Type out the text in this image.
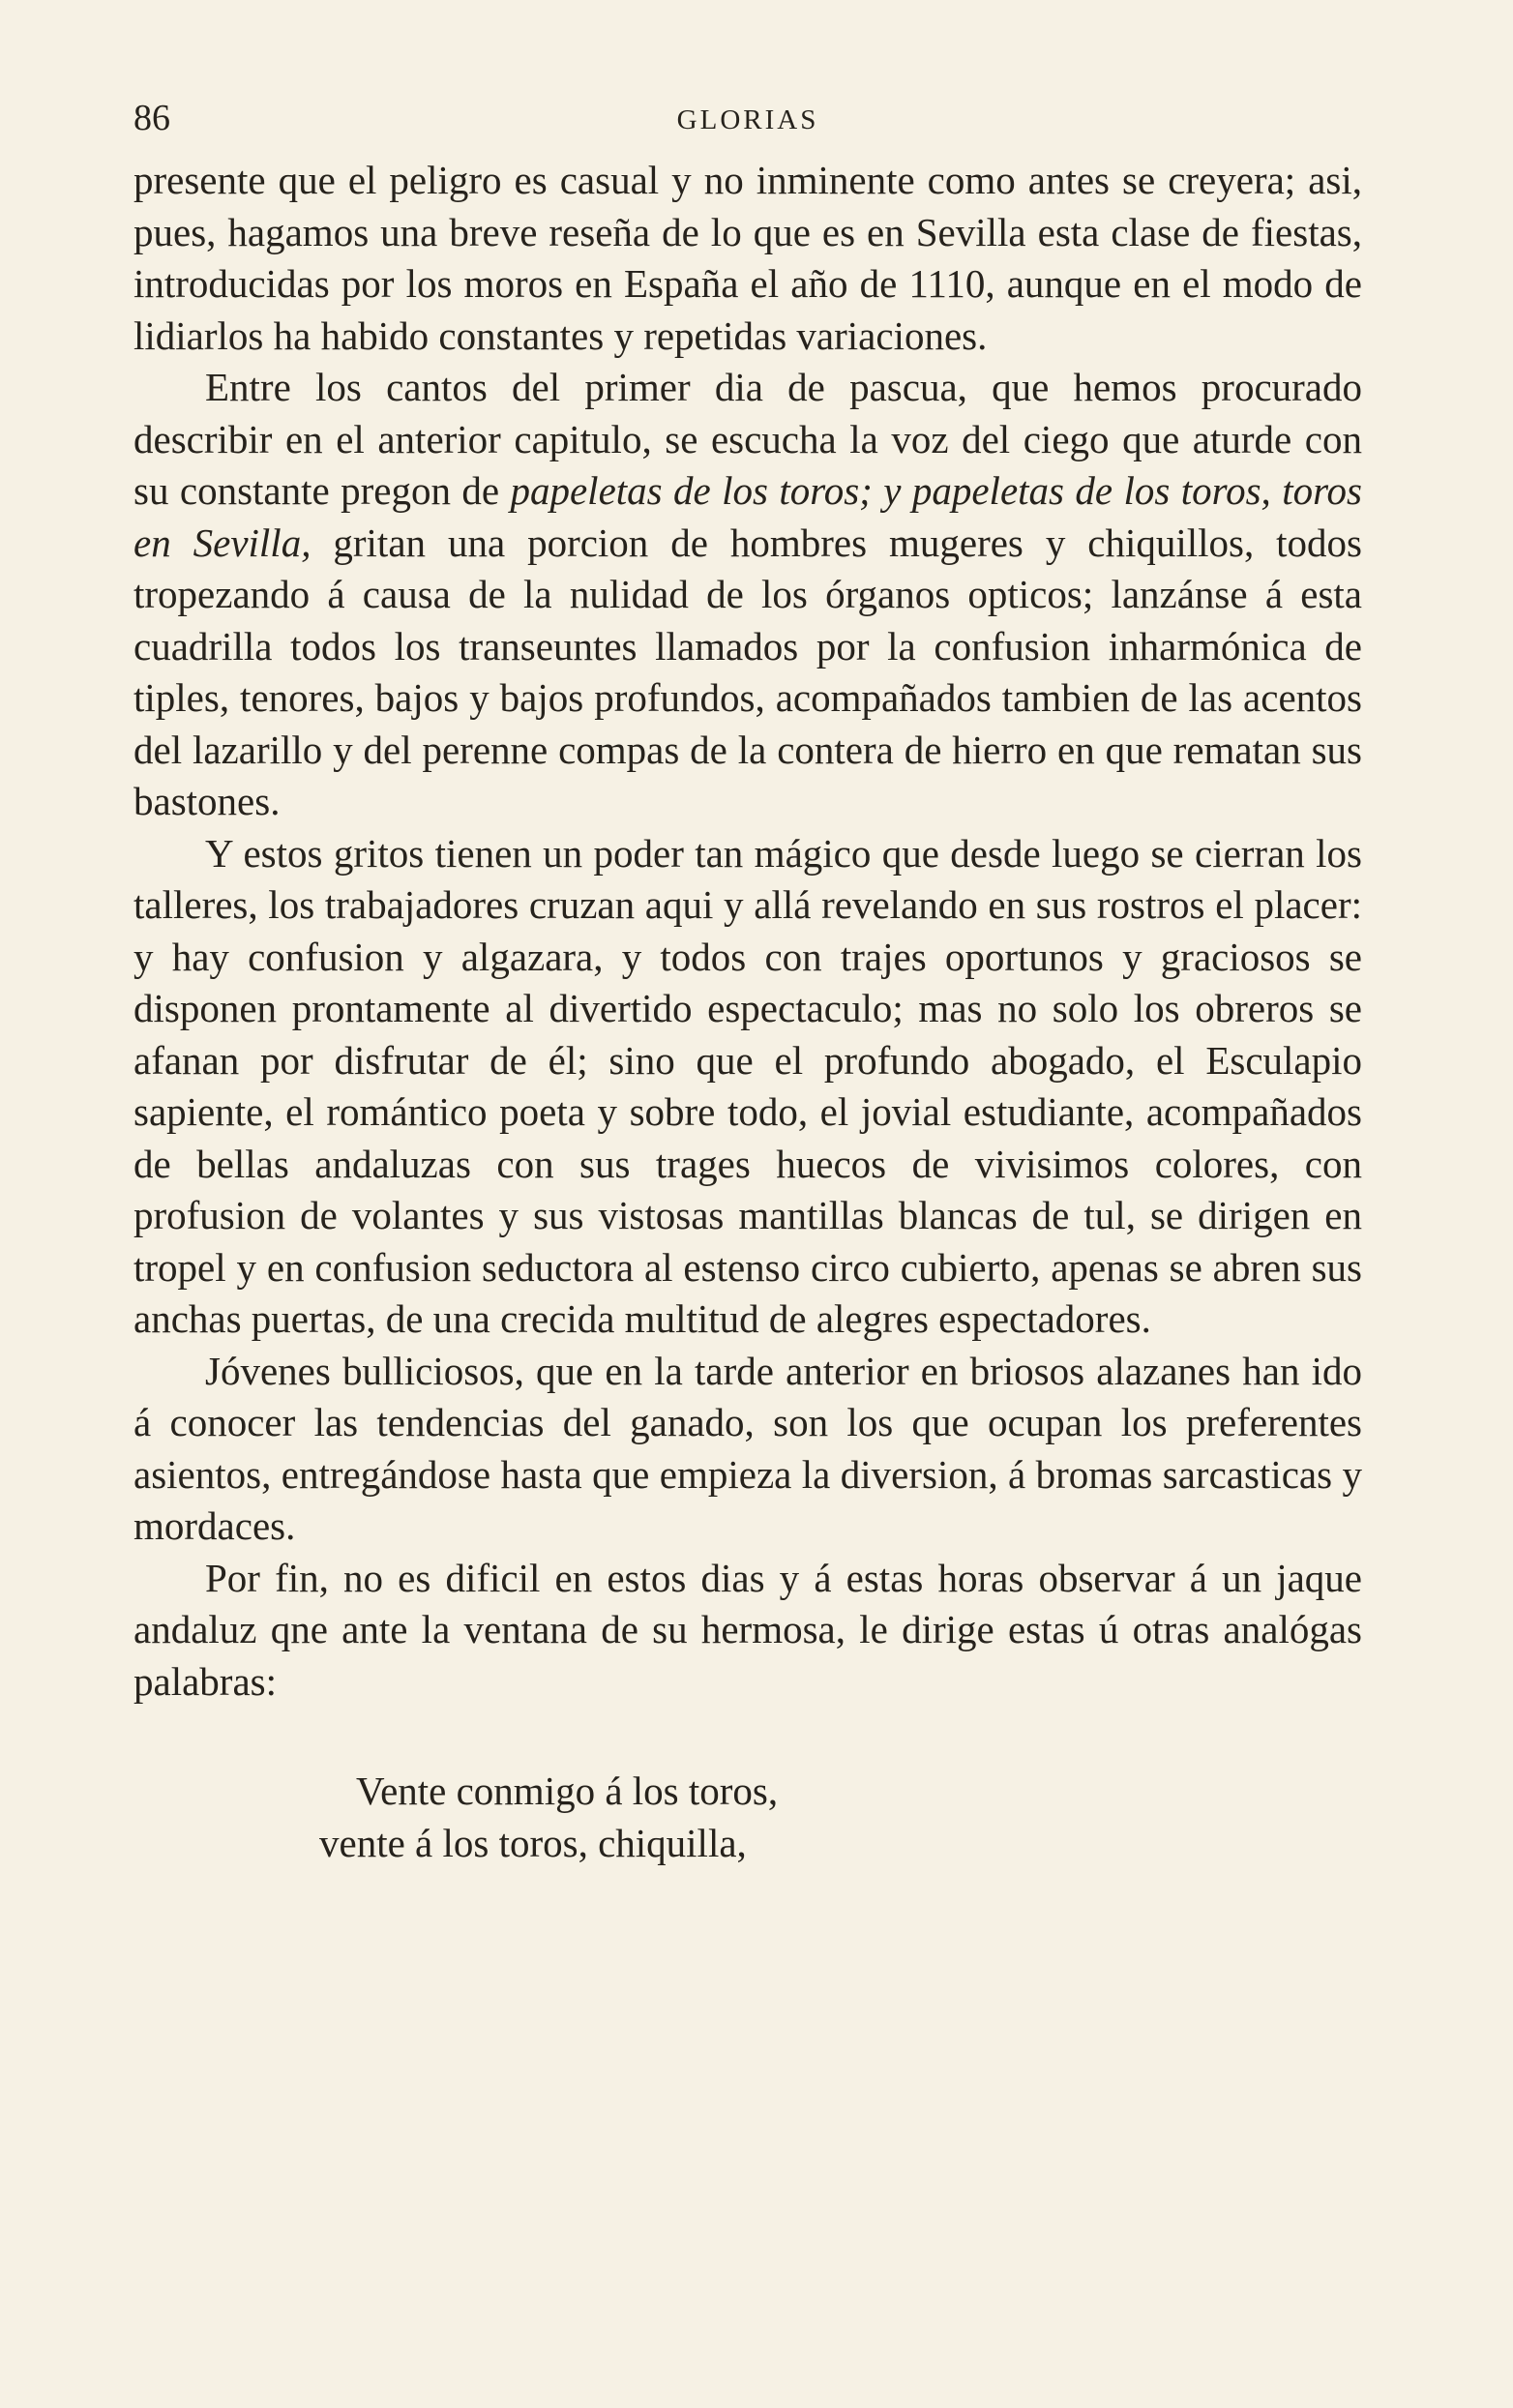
86	GLORIAS

presente que el peligro es casual y no inminente como antes se creyera; asi, pues, hagamos una breve reseña de lo que es en Sevilla esta clase de fiestas, introducidas por los moros en España el año de 1110, aunque en el modo de lidiarlos ha habido constantes y repetidas variaciones.

Entre los cantos del primer dia de pascua, que hemos procurado describir en el anterior capitulo, se escucha la voz del ciego que aturde con su constante pregon de papeletas de los toros; y papeletas de los toros, toros en Sevilla, gritan una porcion de hombres mugeres y chiquillos, todos tropezando á causa de la nulidad de los órganos opticos; lanzánse á esta cuadrilla todos los transeuntes llamados por la confusion inharmónica de tiples, tenores, bajos y bajos profundos, acompañados tambien de las acentos del lazarillo y del perenne compas de la contera de hierro en que rematan sus bastones.

Y estos gritos tienen un poder tan mágico que desde luego se cierran los talleres, los trabajadores cruzan aqui y allá revelando en sus rostros el placer: y hay confusion y algazara, y todos con trajes oportunos y graciosos se disponen prontamente al divertido espectaculo; mas no solo los obreros se afanan por disfrutar de él; sino que el profundo abogado, el Esculapio sapiente, el romántico poeta y sobre todo, el jovial estudiante, acompañados de bellas andaluzas con sus trages huecos de vivisimos colores, con profusion de volantes y sus vistosas mantillas blancas de tul, se dirigen en tropel y en confusion seductora al estenso circo cubierto, apenas se abren sus anchas puertas, de una crecida multitud de alegres espectadores.

Jóvenes bulliciosos, que en la tarde anterior en briosos alazanes han ido á conocer las tendencias del ganado, son los que ocupan los preferentes asientos, entregándose hasta que empieza la diversion, á bromas sarcasticas y mordaces.

Por fin, no es dificil en estos dias y á estas horas observar á un jaque andaluz qne ante la ventana de su hermosa, le dirige estas ú otras analógas palabras:

Vente conmigo á los toros,
vente á los toros, chiquilla,
